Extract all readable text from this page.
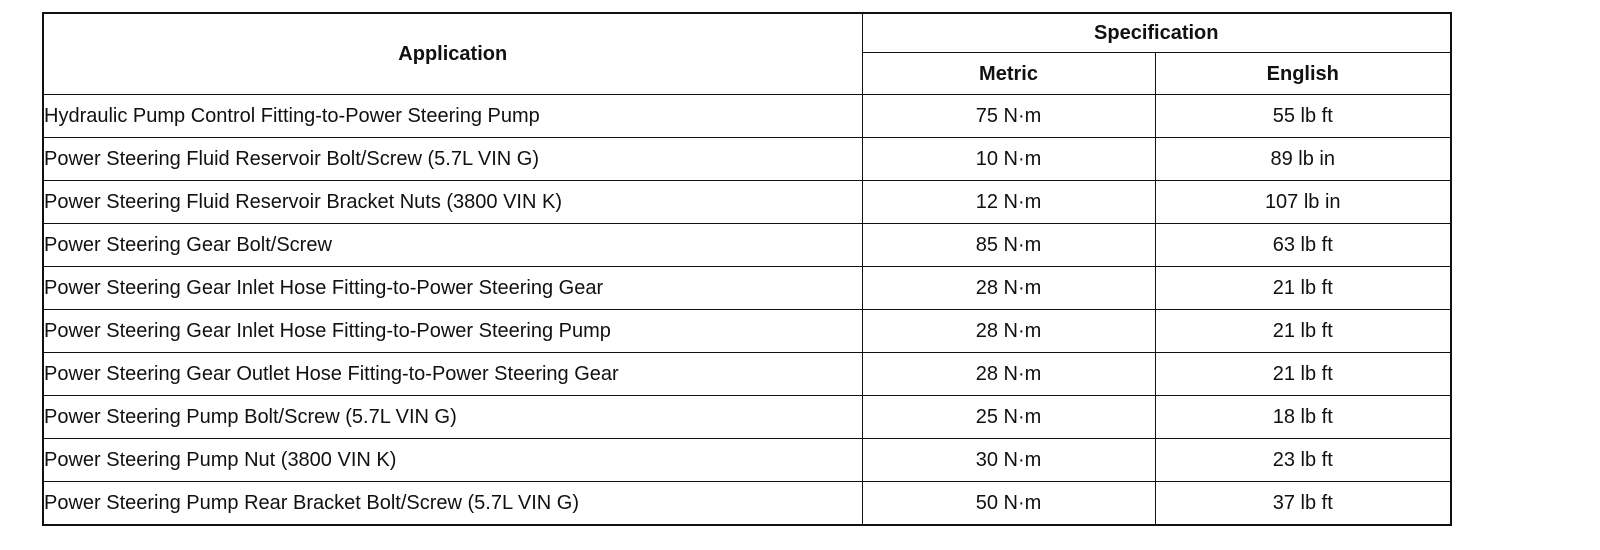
Application	Specification	
	Metric	English
Hydraulic Pump Control Fitting-to-Power Steering Pump	75 N·m	55 lb ft
Power Steering Fluid Reservoir Bolt/Screw (5.7L VIN G)	10 N·m	89 lb in
Power Steering Fluid Reservoir Bracket Nuts (3800 VIN K)	12 N·m	107 lb in
Power Steering Gear Bolt/Screw	85 N·m	63 lb ft
Power Steering Gear Inlet Hose Fitting-to-Power Steering Gear	28 N·m	21 lb ft
Power Steering Gear Inlet Hose Fitting-to-Power Steering Pump	28 N·m	21 lb ft
Power Steering Gear Outlet Hose Fitting-to-Power Steering Gear	28 N·m	21 lb ft
Power Steering Pump Bolt/Screw (5.7L VIN G)	25 N·m	18 lb ft
Power Steering Pump Nut (3800 VIN K)	30 N·m	23 lb ft
Power Steering Pump Rear Bracket Bolt/Screw (5.7L VIN G)	50 N·m	37 lb ft
